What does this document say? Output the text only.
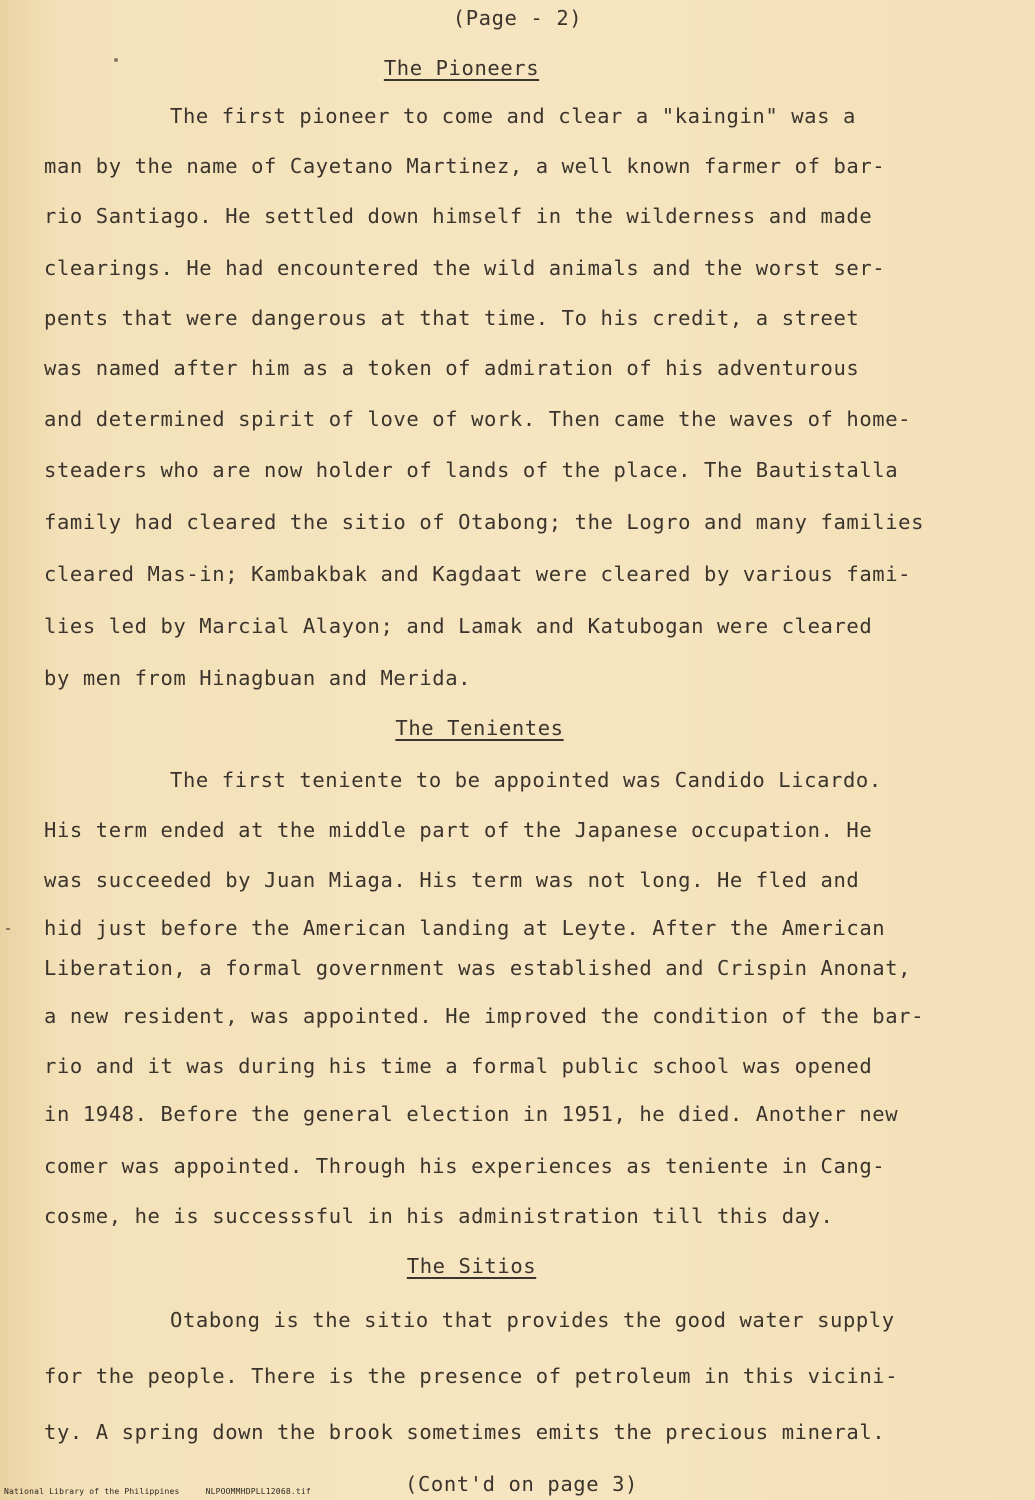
(Page - 2)
The Pioneers
The first pioneer to come and clear a "kaingin" was a
man by the name of Cayetano Martinez, a well known farmer of bar-
rio Santiago. He settled down himself in the wilderness and made
clearings. He had encountered the wild animals and the worst ser-
pents that were dangerous at that time. To his credit, a street
was named after him as a token of admiration of his adventurous
and determined spirit of love of work. Then came the waves of home-
steaders who are now holder of lands of the place. The Bautistalla
family had cleared the sitio of Otabong; the Logro and many families
cleared Mas-in; Kambakbak and Kagdaat were cleared by various fami-
lies led by Marcial Alayon; and Lamak and Katubogan were cleared
by men from Hinagbuan and Merida.
The Tenientes
The first teniente to be appointed was Candido Licardo.
His term ended at the middle part of the Japanese occupation. He
was succeeded by Juan Miaga. His term was not long. He fled and
hid just before the American landing at Leyte. After the American
Liberation, a formal government was established and Crispin Anonat,
a new resident, was appointed. He improved the condition of the bar-
rio and it was during his time a formal public school was opened
in 1948. Before the general election in 1951, he died. Another new
comer was appointed. Through his experiences as teniente in Cang-
cosme, he is successsful in his administration till this day.
The Sitios
Otabong is the sitio that provides the good water supply
for the people. There is the presence of petroleum in this vicini-
ty. A spring down the brook sometimes emits the precious mineral.
(Cont'd on page 3)
National Library of the Philippines	NLPOOMMHDPLL12068.tif
